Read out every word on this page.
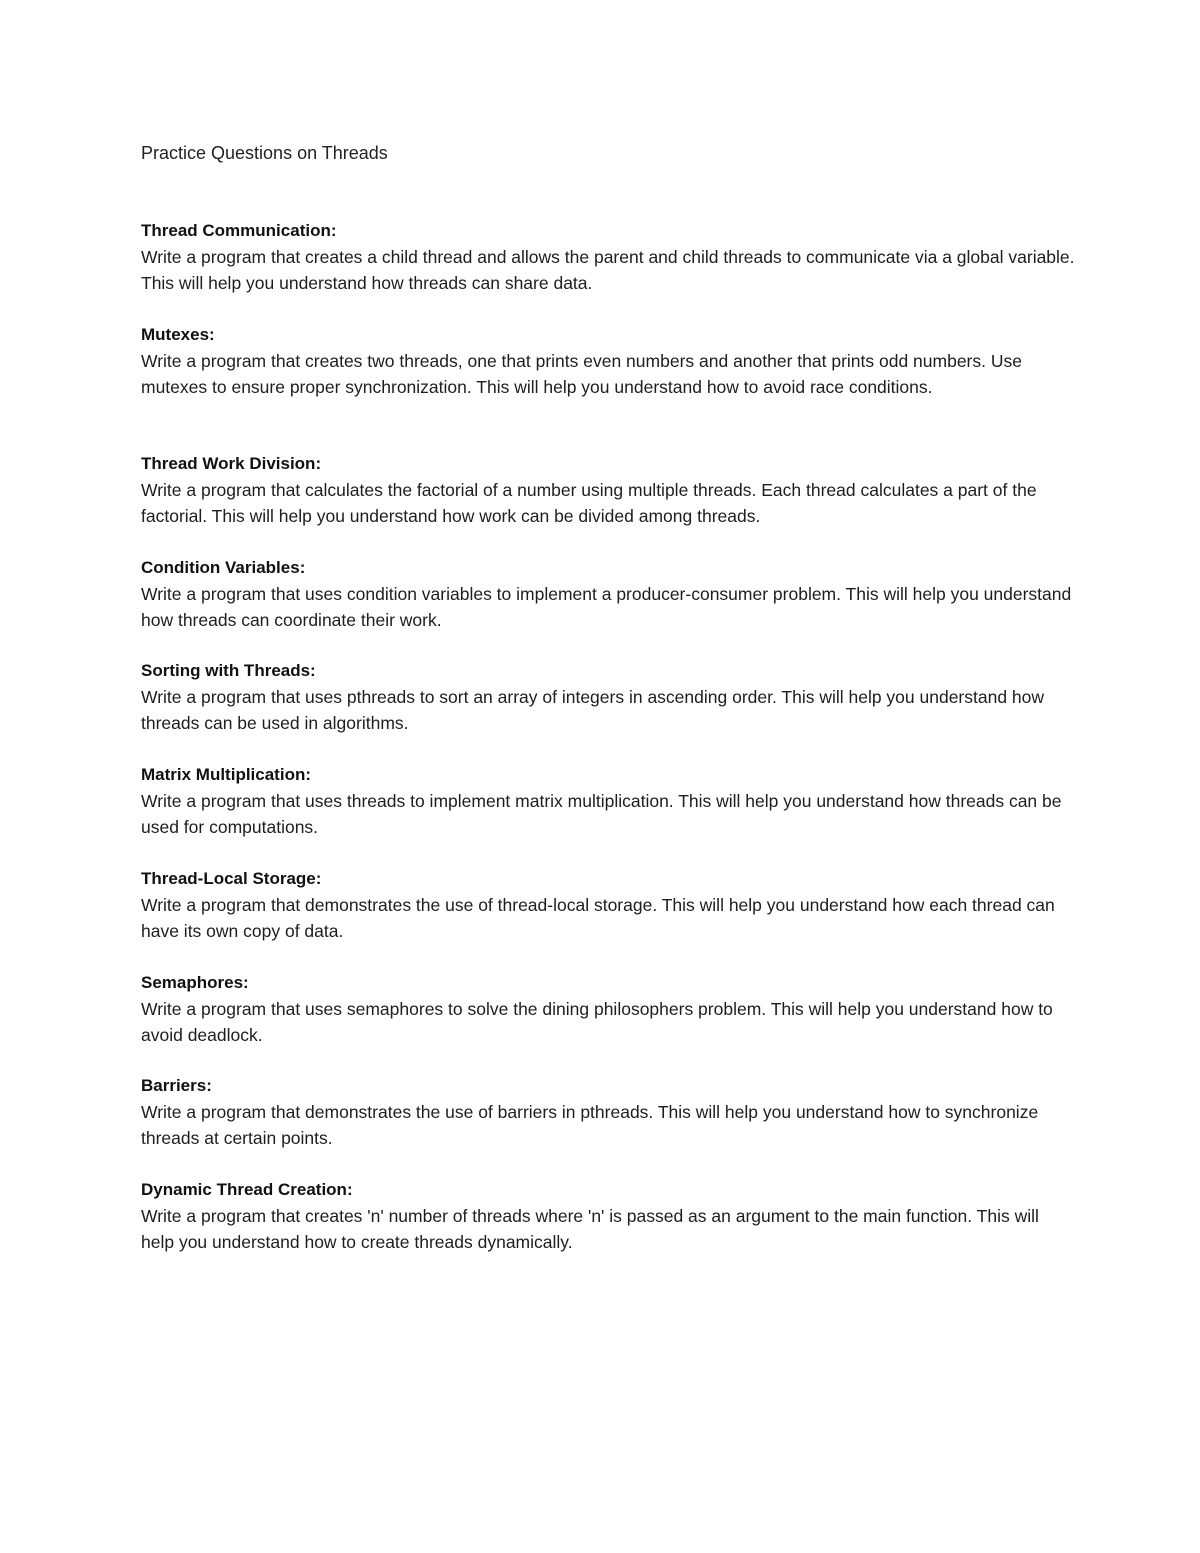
Practice Questions on Threads

Thread Communication:

Write a program that creates a child thread and allows the parent and child threads to communicate via a global variable. This will help you understand how threads can share data.

Mutexes:

Write a program that creates two threads, one that prints even numbers and another that prints odd numbers. Use mutexes to ensure proper synchronization. This will help you understand how to avoid race conditions.

Thread Work Division:

Write a program that calculates the factorial of a number using multiple threads. Each thread calculates a part of the factorial. This will help you understand how work can be divided among threads.

Condition Variables:

Write a program that uses condition variables to implement a producer-consumer problem. This will help you understand how threads can coordinate their work.

Sorting with Threads:

Write a program that uses pthreads to sort an array of integers in ascending order. This will help you understand how threads can be used in algorithms.

Matrix Multiplication:

Write a program that uses threads to implement matrix multiplication. This will help you understand how threads can be used for computations.

Thread-Local Storage:

Write a program that demonstrates the use of thread-local storage. This will help you understand how each thread can have its own copy of data.

Semaphores:

Write a program that uses semaphores to solve the dining philosophers problem. This will help you understand how to avoid deadlock.

Barriers:

Write a program that demonstrates the use of barriers in pthreads. This will help you understand how to synchronize threads at certain points.

Dynamic Thread Creation:

Write a program that creates 'n' number of threads where 'n' is passed as an argument to the main function. This will help you understand how to create threads dynamically.
